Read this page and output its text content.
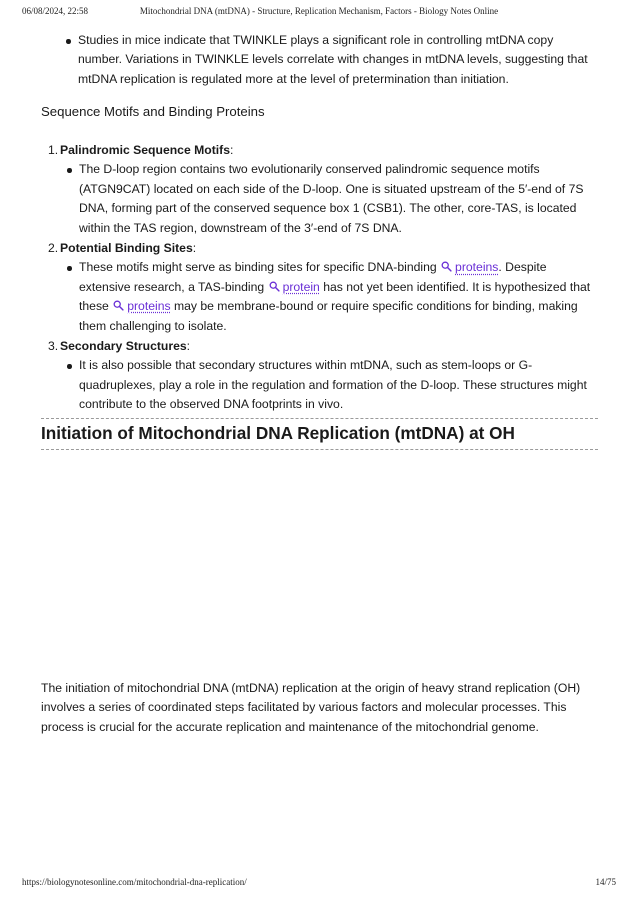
06/08/2024, 22:58	Mitochondrial DNA (mtDNA) - Structure, Replication Mechanism, Factors - Biology Notes Online
Studies in mice indicate that TWINKLE plays a significant role in controlling mtDNA copy number. Variations in TWINKLE levels correlate with changes in mtDNA levels, suggesting that mtDNA replication is regulated more at the level of pretermination than initiation.
Sequence Motifs and Binding Proteins
1. Palindromic Sequence Motifs:
The D-loop region contains two evolutionarily conserved palindromic sequence motifs (ATGN9CAT) located on each side of the D-loop. One is situated upstream of the 5′-end of 7S DNA, forming part of the conserved sequence box 1 (CSB1). The other, core-TAS, is located within the TAS region, downstream of the 3′-end of 7S DNA.
2. Potential Binding Sites:
These motifs might serve as binding sites for specific DNA-binding proteins. Despite extensive research, a TAS-binding protein has not yet been identified. It is hypothesized that these proteins may be membrane-bound or require specific conditions for binding, making them challenging to isolate.
3. Secondary Structures:
It is also possible that secondary structures within mtDNA, such as stem-loops or G-quadruplexes, play a role in the regulation and formation of the D-loop. These structures might contribute to the observed DNA footprints in vivo.
Initiation of Mitochondrial DNA Replication (mtDNA) at OH

The initiation of mitochondrial DNA (mtDNA) replication at the origin of heavy strand replication (OH) involves a series of coordinated steps facilitated by various factors and molecular processes. This process is crucial for the accurate replication and maintenance of the mitochondrial genome.

https://biologynotesonline.com/mitochondrial-dna-replication/	14/75
